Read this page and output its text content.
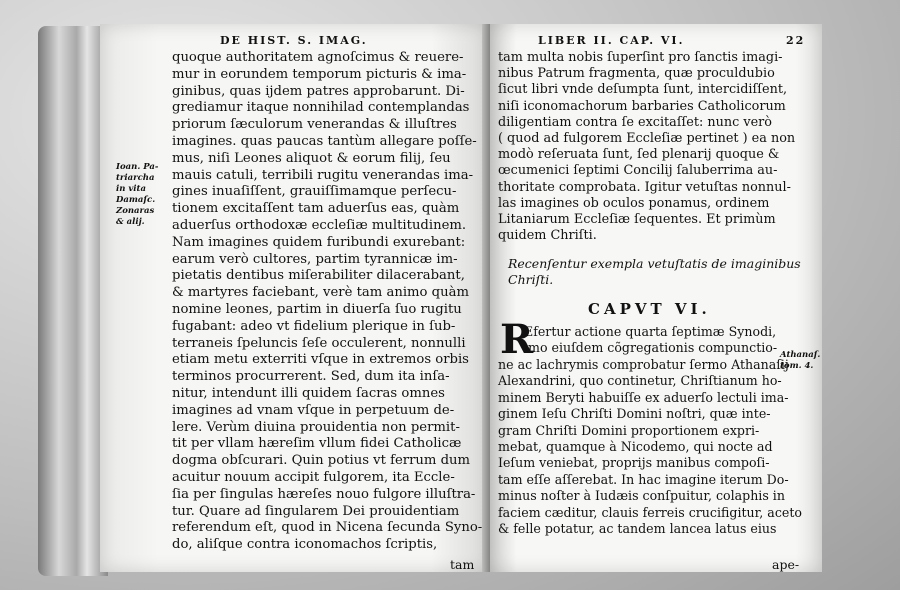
DE HIST. S. IMAG.
Ioan. Pa-
triarcha
in vita
Damaſc.
Zonaras
& alij.
quoque authoritatem agnoſcimus & reuere-
mur in eorundem temporum picturis & ima-
ginibus, quas ijdem patres approbarunt. Di-
grediamur itaque nonnihilad contemplandas
priorum ſæculorum venerandas & illuſtres
imagines. quas paucas tantùm allegare poſſe-
mus, niſi Leones aliquot & eorum filij, ſeu
mauis catuli, terribili rugitu venerandas ima-
gines inuaſiſſent, grauiſſimamque perſecu-
tionem excitaſſent tam aduerſus eas, quàm
aduerſus orthodoxæ eccleſiæ multitudinem.
Nam imagines quidem furibundi exurebant:
earum verò cultores, partim tyrannicæ im-
pietatis dentibus miſerabiliter dilacerabant,
& martyres faciebant, verè tam animo quàm
nomine leones, partim in diuerſa ſuo rugitu
fugabant: adeo vt fidelium plerique in ſub-
terraneis ſpeluncis ſeſe occulerent, nonnulli
etiam metu exterriti vſque in extremos orbis
terminos procurrerent. Sed, dum ita inſa-
nitur, intendunt illi quidem ſacras omnes
imagines ad vnam vſque in perpetuum de-
lere. Verùm diuina prouidentia non permit-
tit per vllam hæreſim vllum fidei Catholicæ
dogma obſcurari. Quin potius vt ferrum dum
acuitur nouum accipit fulgorem, ita Eccle-
ſia per ſingulas hæreſes nouo fulgore illuſtra-
tur. Quare ad ſingularem Dei prouidentiam
referendum eſt, quod in Nicena ſecunda Syno-
do, aliſque contra iconomachos ſcriptis,
tam
LIBER II. CAP. VI.	22
tam multa nobis ſuperſint pro ſanctis imagi-
nibus Patrum fragmenta, quæ proculdubio
ſicut libri vnde deſumpta ſunt, intercidiſſent,
niſi iconomachorum barbaries Catholicorum
diligentiam contra ſe excitaſſet: nunc verò
( quod ad fulgorem Eccleſiæ pertinet ) ea non
modò reſeruata ſunt, ſed plenarij quoque &
œcumenici ſeptimi Concilij ſaluberrima au-
thoritate comprobata. Igitur vetuſtas nonnul-
las imagines ob oculos ponamus, ordinem
Litaniarum Eccleſiæ ſequentes. Et primùm
quidem Chriſti.
Recenſentur exempla vetuſtatis de imaginibus
Chriſti.
CAPVT VI.
R
Efertur actione quarta ſeptimæ Synodi,
imo eiuſdem cõgregationis compunctio-
ne ac lachrymis comprobatur ſermo Athanaſij
Alexandrini, quo continetur, Chriſtianum ho-
minem Beryti habuiſſe ex aduerſo lectuli ima-
ginem Ieſu Chriſti Domini noſtri, quæ inte-
gram Chriſti Domini proportionem expri-
mebat, quamque à Nicodemo, qui nocte ad
Ieſum veniebat, proprijs manibus compoſi-
tam eſſe aſſerebat. In hac imagine iterum Do-
minus noſter à Iudæis conſpuitur, colaphis in
faciem cæditur, clauis ferreis crucifigitur, aceto
& felle potatur, ac tandem lancea latus eius
Athanaſ.
tom. 4.
ape-
